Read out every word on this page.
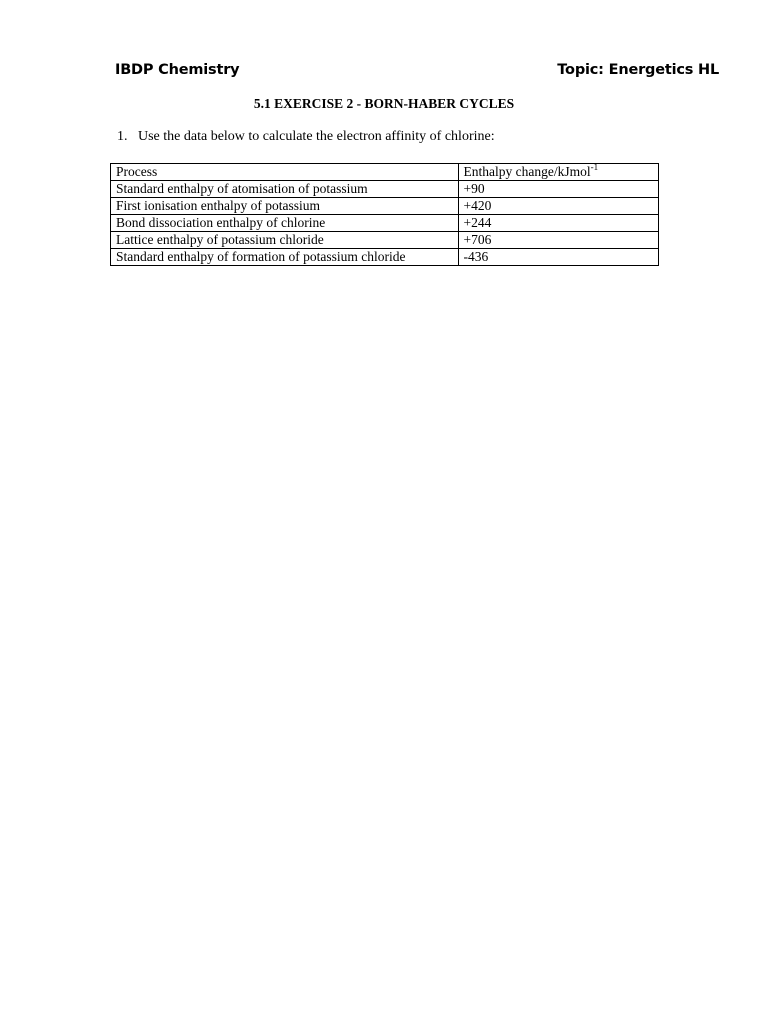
IBDP Chemistry	Topic: Energetics HL
5.1 EXERCISE 2 - BORN-HABER CYCLES
1. Use the data below to calculate the electron affinity of chlorine:
Process	Enthalpy change/kJmol$^{-1}$
Standard enthalpy of atomisation of potassium	+90
First ionisation enthalpy of potassium	+420
Bond dissociation enthalpy of chlorine	+244
Lattice enthalpy of potassium chloride	+706
Standard enthalpy of formation of potassium chloride	-436
